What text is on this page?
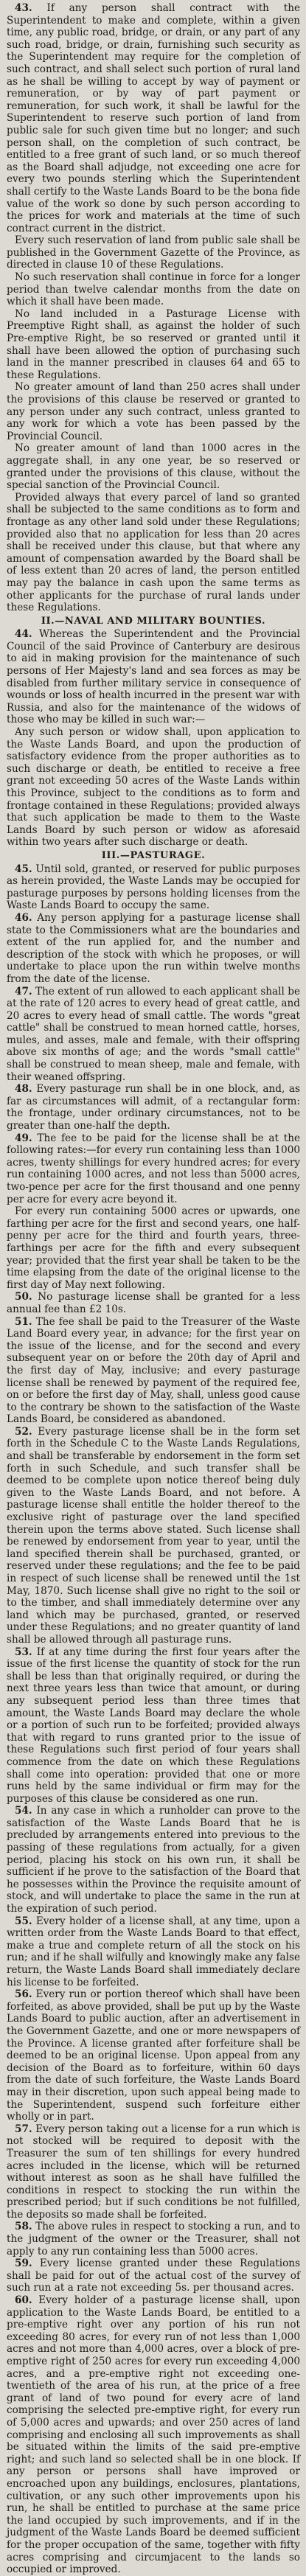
43. If any person shall contract with the Superintendent to make and complete, within a given time, any public road, bridge, or drain, or any part of any such road, bridge, or drain, furnishing such security as the Superintendent may require for the completion of such contract, and shall select such portion of rural land as he shall be willing to accept by way of payment or remuneration, or by way of part payment or remuneration, for such work, it shall be lawful for the Superintendent to reserve such portion of land from public sale for such given time but no longer; and such person shall, on the completion of such contract, be entitled to a free grant of such land, or so much thereof as the Board shall adjudge, not exceeding one acre for every two pounds sterling which the Superintendent shall certify to the Waste Lands Board to be the bona fide value of the work so done by such person according to the prices for work and materials at the time of such contract current in the district.

Every such reservation of land from public sale shall be published in the Government Gazette of the Province, as directed in clause 10 of these Regulations.

No such reservation shall continue in force for a longer period than twelve calendar months from the date on which it shall have been made.

No land included in a Pasturage License with Preemptive Right shall, as against the holder of such Pre-emptive Right, be so reserved or granted until it shall have been allowed the option of purchasing such land in the manner prescribed in clauses 64 and 65 to these Regulations.

No greater amount of land than 250 acres shall under the provisions of this clause be reserved or granted to any person under any such contract, unless granted to any work for which a vote has been passed by the Provincial Council.

No greater amount of land than 1000 acres in the aggregate shall, in any one year, be so reserved or granted under the provisions of this clause, without the special sanction of the Provincial Council.

Provided always that every parcel of land so granted shall be subjected to the same conditions as to form and frontage as any other land sold under these Regulations; provided also that no application for less than 20 acres shall be received under this clause, but that where any amount of compensation awarded by the Board shall be of less extent than 20 acres of land, the person entitled may pay the balance in cash upon the same terms as other applicants for the purchase of rural lands under these Regulations.

II.—NAVAL AND MILITARY BOUNTIES.

44. Whereas the Superintendent and the Provincial Council of the said Province of Canterbury are desirous to aid in making provision for the maintenance of such persons of Her Majesty's land and sea forces as may be disabled from further military service in consequence of wounds or loss of health incurred in the present war with Russia, and also for the maintenance of the widows of those who may be killed in such war:—

Any such person or widow shall, upon application to the Waste Lands Board, and upon the production of satisfactory evidence from the proper authorities as to such discharge or death, be entitled to receive a free grant not exceeding 50 acres of the Waste Lands within this Province, subject to the conditions as to form and frontage contained in these Regulations; provided always that such application be made to them to the Waste Lands Board by such person or widow as aforesaid within two years after such discharge or death.

III.—PASTURAGE.

45. Until sold, granted, or reserved for public purposes as herein provided, the Waste Lands may be occupied for pasturage purposes by persons holding licenses from the Waste Lands Board to occupy the same.

46. Any person applying for a pasturage license shall state to the Commissioners what are the boundaries and extent of the run applied for, and the number and description of the stock with which he proposes, or will undertake to place upon the run within twelve months from the date of the license.

47. The extent of run allowed to each applicant shall be at the rate of 120 acres to every head of great cattle, and 20 acres to every head of small cattle. The words "great cattle" shall be construed to mean horned cattle, horses, mules, and asses, male and female, with their offspring above six months of age; and the words "small cattle" shall be construed to mean sheep, male and female, with their weaned offspring.

48. Every pasturage run shall be in one block, and, as far as circumstances will admit, of a rectangular form: the frontage, under ordinary circumstances, not to be greater than one-half the depth.

49. The fee to be paid for the license shall be at the following rates:—for every run containing less than 1000 acres, twenty shillings for every hundred acres; for every run containing 1000 acres, and not less than 5000 acres, two-pence per acre for the first thousand and one penny per acre for every acre beyond it.

For every run containing 5000 acres or upwards, one farthing per acre for the first and second years, one half-penny per acre for the third and fourth years, three-farthings per acre for the fifth and every subsequent year; provided that the first year shall be taken to be the time elapsing from the date of the original license to the first day of May next following.

50. No pasturage license shall be granted for a less annual fee than £2 10s.

51. The fee shall be paid to the Treasurer of the Waste Land Board every year, in advance; for the first year on the issue of the license, and for the second and every subsequent year on or before the 20th day of April and the first day of May, inclusive; and every pasturage license shall be renewed by payment of the required fee, on or before the first day of May, shall, unless good cause to the contrary be shown to the satisfaction of the Waste Lands Board, be considered as abandoned.

52. Every pasturage license shall be in the form set forth in the Schedule C to the Waste Lands Regulations, and shall be transferable by endorsement in the form set forth in such Schedule, and such transfer shall be deemed to be complete upon notice thereof being duly given to the Waste Lands Board, and not before. A pasturage license shall entitle the holder thereof to the exclusive right of pasturage over the land specified therein upon the terms above stated. Such license shall be renewed by endorsement from year to year, until the land specified therein shall be purchased, granted, or reserved under these regulations; and the fee to be paid in respect of such license shall be renewed until the 1st May, 1870. Such license shall give no right to the soil or to the timber, and shall immediately determine over any land which may be purchased, granted, or reserved under these Regulations; and no greater quantity of land shall be allowed through all pasturage runs.

53. If at any time during the first four years after the issue of the first license the quantity of stock for the run shall be less than that originally required, or during the next three years less than twice that amount, or during any subsequent period less than three times that amount, the Waste Lands Board may declare the whole or a portion of such run to be forfeited; provided always that with regard to runs granted prior to the issue of these Regulations such first period of four years shall commence from the date on which these Regulations shall come into operation: provided that one or more runs held by the same individual or firm may for the purposes of this clause be considered as one run.

54. In any case in which a runholder can prove to the satisfaction of the Waste Lands Board that he is precluded by arrangements entered into previous to the passing of these regulations from actually, for a given period, placing his stock on his own run, it shall be sufficient if he prove to the satisfaction of the Board that he possesses within the Province the requisite amount of stock, and will undertake to place the same in the run at the expiration of such period.

55. Every holder of a license shall, at any time, upon a written order from the Waste Lands Board to that effect, make a true and complete return of all the stock on his run; and if he shall wilfully and knowingly make any false return, the Waste Lands Board shall immediately declare his license to be forfeited.

56. Every run or portion thereof which shall have been forfeited, as above provided, shall be put up by the Waste Lands Board to public auction, after an advertisement in the Government Gazette, and one or more newspapers of the Province. A license granted after forfeiture shall be deemed to be an original license. Upon appeal from any decision of the Board as to forfeiture, within 60 days from the date of such forfeiture, the Waste Lands Board may in their discretion, upon such appeal being made to the Superintendent, suspend such forfeiture either wholly or in part.

57. Every person taking out a license for a run which is not stocked will be required to deposit with the Treasurer the sum of ten shillings for every hundred acres included in the license, which will be returned without interest as soon as he shall have fulfilled the conditions in respect to stocking the run within the prescribed period; but if such conditions be not fulfilled, the deposits so made shall be forfeited.

58. The above rules in respect to stocking a run, and to the judgment of the owner or the Treasurer, shall not apply to any run containing less than 5000 acres.

59. Every license granted under these Regulations shall be paid for out of the actual cost of the survey of such run at a rate not exceeding 5s. per thousand acres.

60. Every holder of a pasturage license shall, upon application to the Waste Lands Board, be entitled to a pre-emptive right over any portion of his run not exceeding 80 acres, for every run of not less than 1,000 acres and not more than 4,000 acres, over a block of pre-emptive right of 250 acres for every run exceeding 4,000 acres, and a pre-emptive right not exceeding one-twentieth of the area of his run, at the price of a free grant of land of two pound for every acre of land comprising the selected pre-emptive right, for every run of 5,000 acres and upwards; and over 250 acres of land comprising and enclosing all such improvements as shall be situated within the limits of the said pre-emptive right; and such land so selected shall be in one block. If any person or persons shall have improved or encroached upon any buildings, enclosures, plantations, cultivation, or any such other improvements upon his run, he shall be entitled to purchase at the same price the land occupied by such improvements, and if in the judgment of the Waste Lands Board be deemed sufficient for the proper occupation of the same, together with fifty acres comprising and circumjacent to the lands so occupied or improved.
